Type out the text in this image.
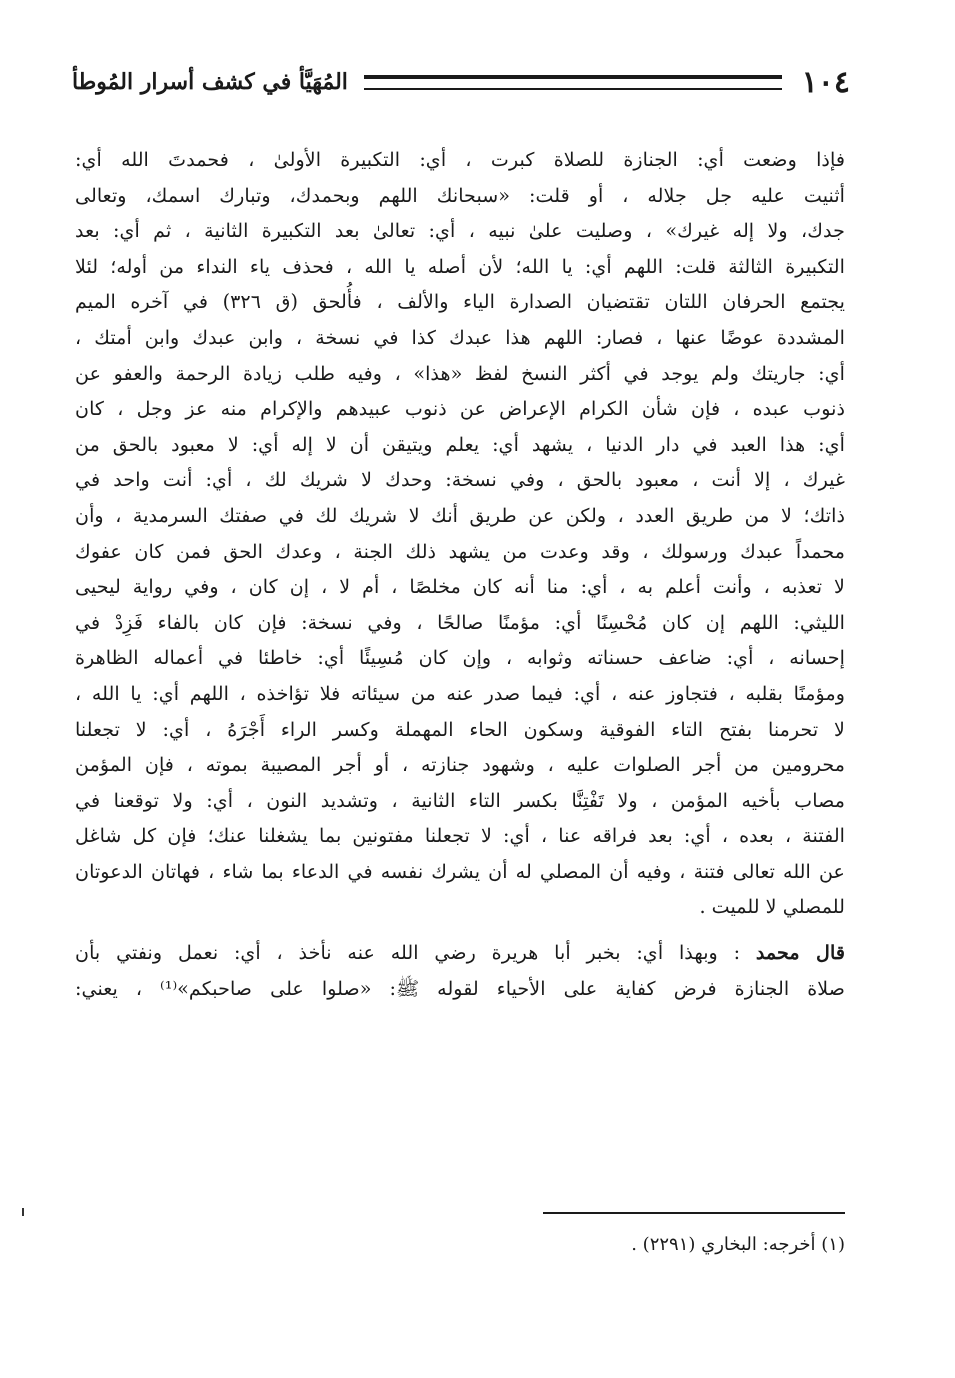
١٠٤
المُهَيَّأ في كشف أسرار المُوطأ

فإذا وضعت أي: الجنازة للصلاة كبرت ، أي: التكبيرة الأولىٰ ، فحمدتَ الله أي:
أثنيت عليه جل جلاله ، أو قلت: «سبحانك اللهم وبحمدك، وتبارك اسمك، وتعالى
جدك، ولا إله غيرك» ، وصليت علىٰ نبيه ، أي: تعالىٰ بعد التكبيرة الثانية ، ثم أي: بعد
التكبيرة الثالثة قلت: اللهم أي: يا الله؛ لأن أصله يا الله ، فحذف ياء النداء من أوله؛ لئلا
يجتمع الحرفان اللتان تقتضيان الصدارة الياء والألف ، فأُلحق (ق ٣٢٦) في آخره الميم
المشددة عوضًا عنها ، فصار: اللهم هذا عبدك كذا في نسخة ، وابن عبدك وابن أمتك ،
أي: جاريتك ولم يوجد في أكثر النسخ لفظ «هذا» ، وفيه طلب زيادة الرحمة والعفو عن
ذنوب عبده ، فإن شأن الكرام الإعراض عن ذنوب عبيدهم والإكرام منه عز وجل ، كان
أي: هذا العبد في دار الدنيا ، يشهد أي: يعلم ويتيقن أن لا إله أي: لا معبود بالحق من
غيرك ، إلا أنت ، معبود بالحق ، وفي نسخة: وحدك لا شريك لك ، أي: أنت واحد في
ذاتك؛ لا من طريق العدد ، ولكن عن طريق أنك لا شريك لك في صفتك السرمدية ، وأن
محمداً عبدك ورسولك ، وقد وعدت من يشهد ذلك الجنة ، وعدك الحق فمن كان عفوك
لا تعذبه ، وأنت أعلم به ، أي: منا أنه كان مخلصًا ، أم لا ، إن كان ، وفي رواية ليحيى
الليثي: اللهم إن كان مُحْسِنًا أي: مؤمنًا صالحًا ، وفي نسخة: فإن كان بالفاء فَزِدْ في
إحسانه ، أي: ضاعف حسناته وثوابه ، وإن كان مُسِيئًا أي: خاطئا في أعماله الظاهرة
ومؤمنًا بقلبه ، فتجاوز عنه ، أي: فيما صدر عنه من سيئاته فلا تؤاخذه ، اللهم أي: يا الله ،
لا تحرمنا بفتح التاء الفوقية وسكون الحاء المهملة وكسر الراء أَجْرَهُ ، أي: لا تجعلنا
محرومين من أجر الصلوات عليه ، وشهود جنازته ، أو أجر المصيبة بموته ، فإن المؤمن
مصاب بأخيه المؤمن ، ولا تَفْتِنَّا بكسر التاء الثانية ، وتشديد النون ، أي: ولا توقعنا في
الفتنة ، بعده ، أي: بعد فراقه عنا ، أي: لا تجعلنا مفتونين بما يشغلنا عنك؛ فإن كل شاغل
عن الله تعالى فتنة ، وفيه أن المصلي له أن يشرك نفسه في الدعاء بما شاء ، فهاتان الدعوتان
للمصلي لا للميت .

قال محمد : وبهذا أي: بخبر أبا هريرة رضي الله عنه نأخذ ، أي: نعمل ونفتي بأن
صلاة الجنازة فرض كفاية على الأحياء لقوله ﷺ: «صلوا على صاحبكم»⁽¹⁾ ، يعني:

(١) أخرجه: البخاري (٢٢٩١) .
